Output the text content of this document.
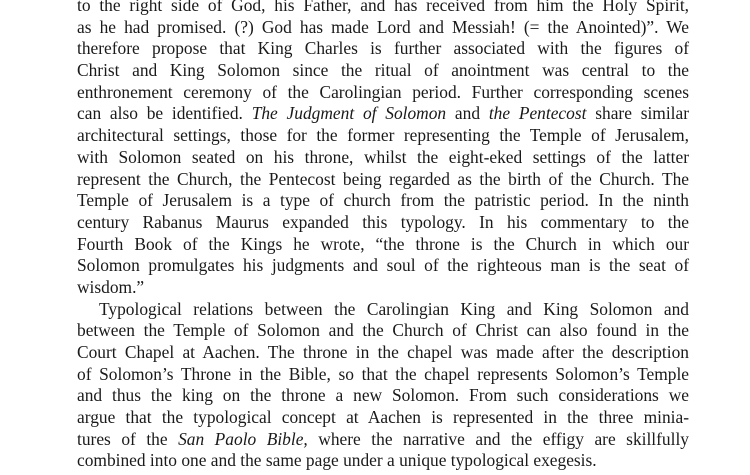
to the right side of God, his Father, and has received from him the Holy Spirit,
as he had promised. (?) God has made Lord and Messiah! (= the Anointed)”. We
therefore propose that King Charles is further associated with the figures of
Christ and King Solomon since the ritual of anointment was central to the
enthronement ceremony of the Carolingian period. Further corresponding scenes
can also be identified. The Judgment of Solomon and the Pentecost share similar
architectural settings, those for the former representing the Temple of Jerusalem,
with Solomon seated on his throne, whilst the eight-eked settings of the latter
represent the Church, the Pentecost being regarded as the birth of the Church. The
Temple of Jerusalem is a type of church from the patristic period. In the ninth
century Rabanus Maurus expanded this typology. In his commentary to the
Fourth Book of the Kings he wrote, “the throne is the Church in which our
Solomon promulgates his judgments and soul of the righteous man is the seat of
wisdom.”
Typological relations between the Carolingian King and King Solomon and
between the Temple of Solomon and the Church of Christ can also found in the
Court Chapel at Aachen. The throne in the chapel was made after the description
of Solomon’s Throne in the Bible, so that the chapel represents Solomon’s Temple
and thus the king on the throne a new Solomon. From such considerations we
argue that the typological concept at Aachen is represented in the three minia-
tures of the San Paolo Bible, where the narrative and the effigy are skillfully
combined into one and the same page under a unique typological exegesis.
